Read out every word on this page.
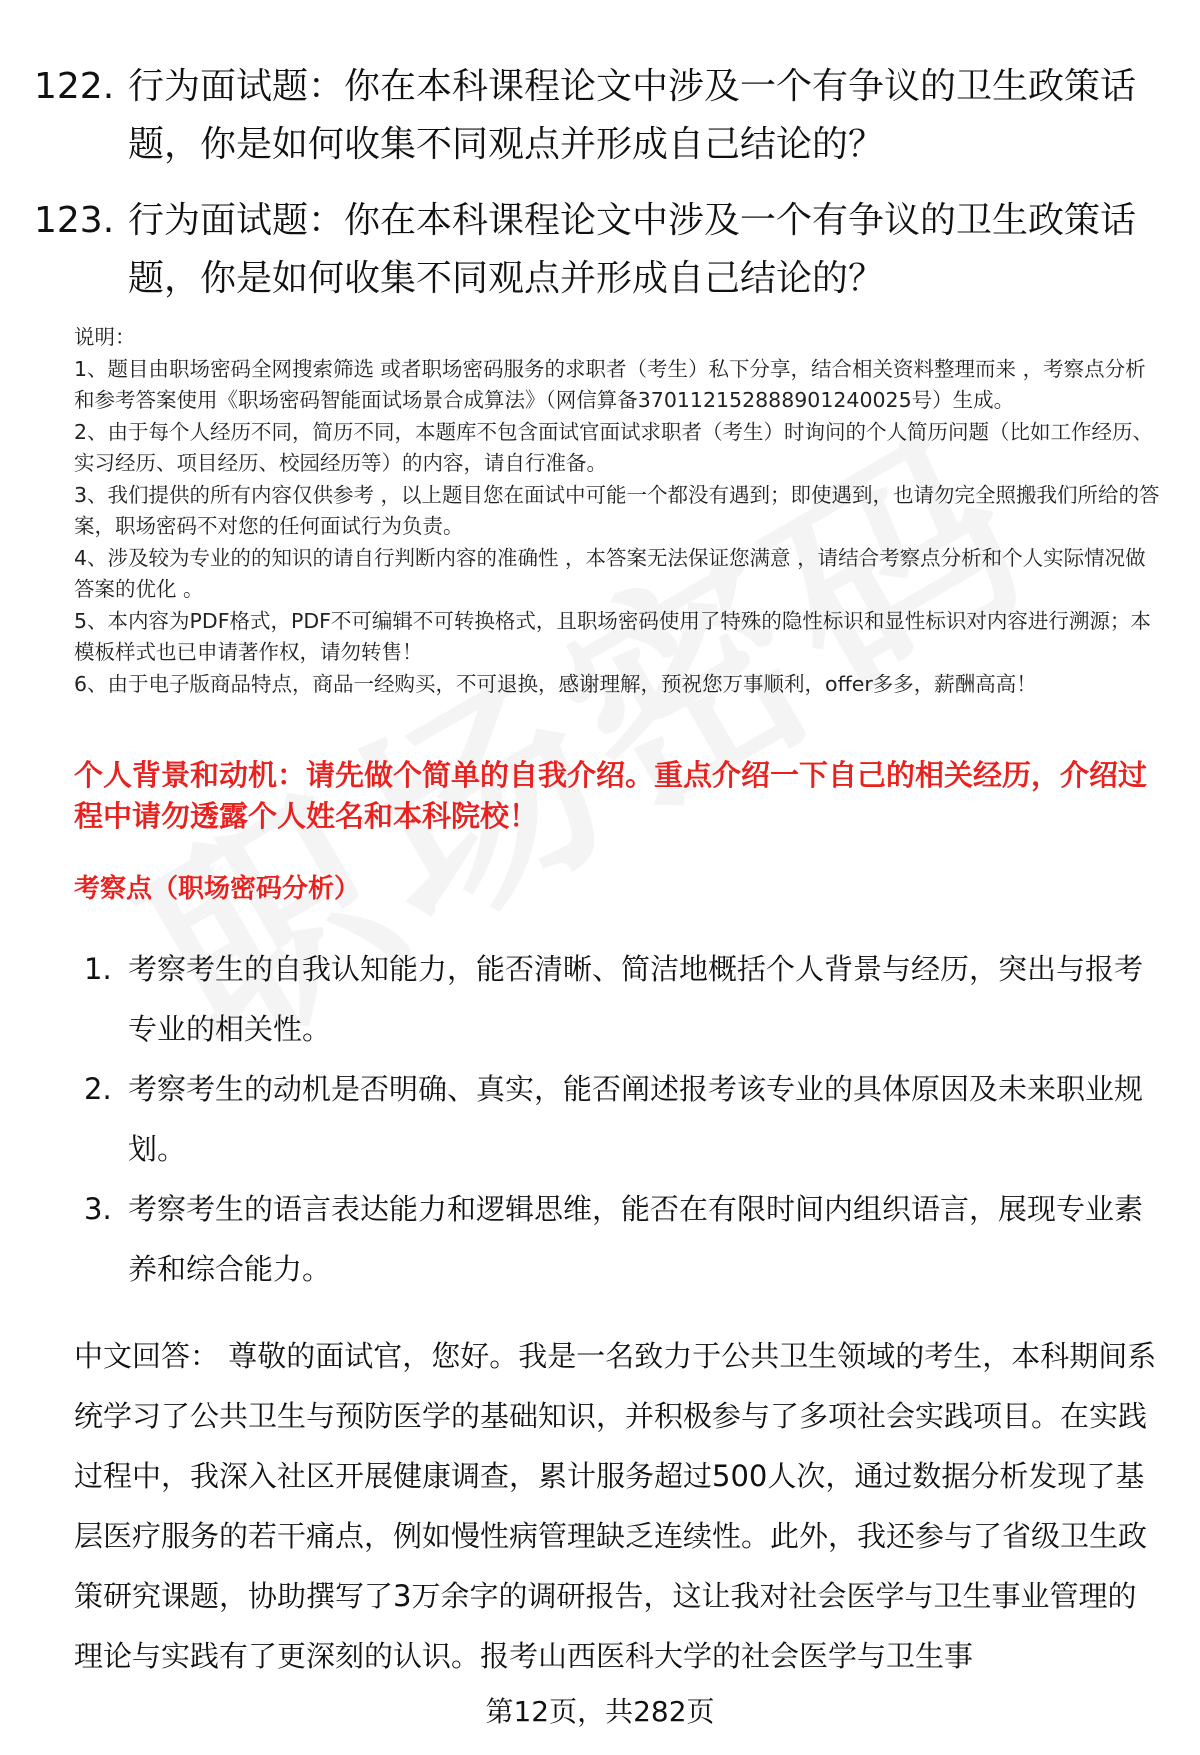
122. 行为面试题：你在本科课程论文中涉及一个有争议的卫生政策话题，你是如何收集不同观点并形成自己结论的？
123. 行为面试题：你在本科课程论文中涉及一个有争议的卫生政策话题，你是如何收集不同观点并形成自己结论的？

说明：

1、题目由职场密码全网搜索筛选 或者职场密码服务的求职者（考生）私下分享，结合相关资料整理而来 ，考察点分析和参考答案使用《职场密码智能面试场景合成算法》（网信算备370112152888901240025号）生成。

2、由于每个人经历不同，简历不同，本题库不包含面试官面试求职者（考生）时询问的个人简历问题（比如工作经历、实习经历、项目经历、校园经历等）的内容，请自行准备。

3、我们提供的所有内容仅供参考 ，以上题目您在面试中可能一个都没有遇到；即使遇到，也请勿完全照搬我们所给的答案，职场密码不对您的任何面试行为负责。

4、涉及较为专业的的知识的请自行判断内容的准确性 ，本答案无法保证您满意 ，请结合考察点分析和个人实际情况做答案的优化 。

5、本内容为PDF格式，PDF不可编辑不可转换格式，且职场密码使用了特殊的隐性标识和显性标识对内容进行溯源；本模板样式也已申请著作权，请勿转售！

6、由于电子版商品特点，商品一经购买，不可退换，感谢理解，预祝您万事顺利，offer多多，薪酬高高！

个人背景和动机：请先做个简单的自我介绍。重点介绍一下自己的相关经历，介绍过程中请勿透露个人姓名和本科院校！
考察点（职场密码分析）
1. 考察考生的自我认知能力，能否清晰、简洁地概括个人背景与经历，突出与报考专业的相关性。
2. 考察考生的动机是否明确、真实，能否阐述报考该专业的具体原因及未来职业规划。
3. 考察考生的语言表达能力和逻辑思维，能否在有限时间内组织语言，展现专业素养和综合能力。

中文回答： 尊敬的面试官，您好。我是一名致力于公共卫生领域的考生，本科期间系统学习了公共卫生与预防医学的基础知识，并积极参与了多项社会实践项目。在实践过程中，我深入社区开展健康调查，累计服务超过500人次，通过数据分析发现了基层医疗服务的若干痛点，例如慢性病管理缺乏连续性。此外，我还参与了省级卫生政策研究课题，协助撰写了3万余字的调研报告，这让我对社会医学与卫生事业管理的理论与实践有了更深刻的认识。报考山西医科大学的社会医学与卫生事

第12页，共282页
